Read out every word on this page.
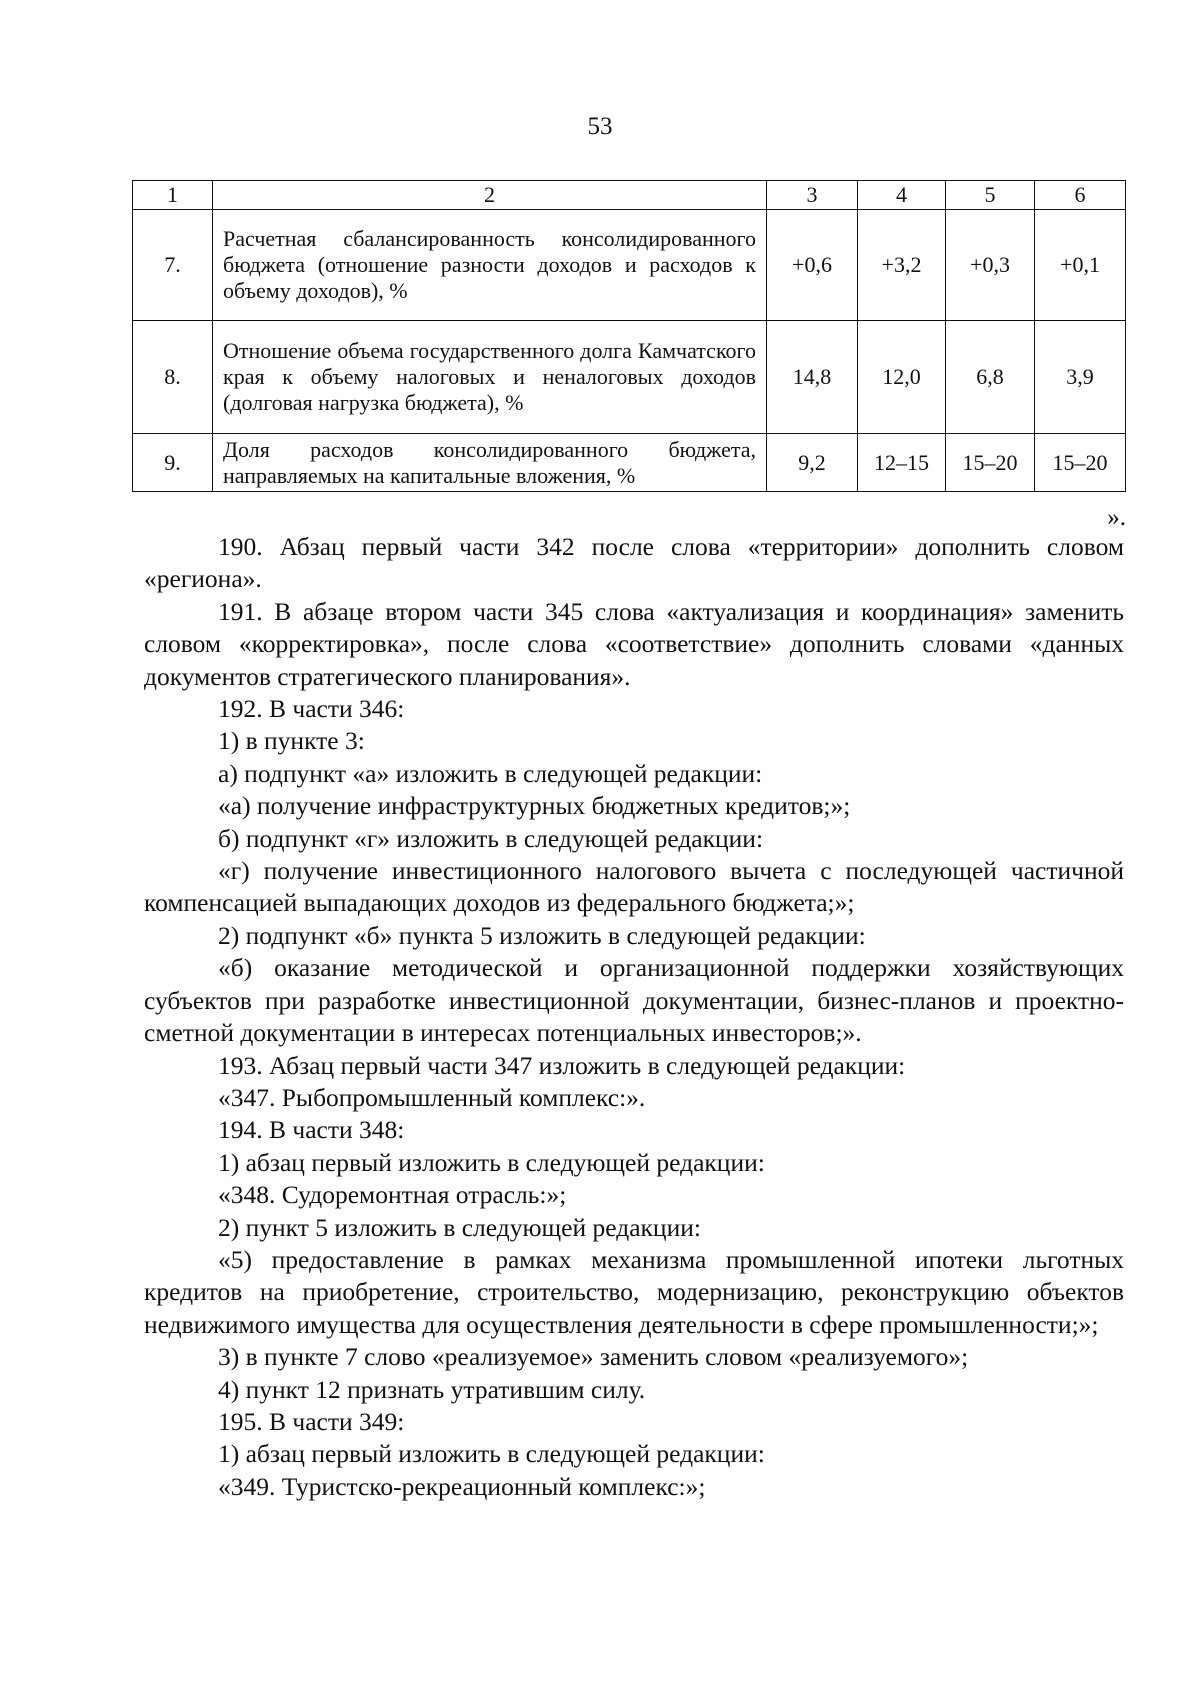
53
1	2	3	4	5	6
7.	Расчетная сбалансированность консолидированного бюджета (отношение разности доходов и расходов к объему доходов), %	+0,6	+3,2	+0,3	+0,1
8.	Отношение объема государственного долга Камчатского края к объему налоговых и неналоговых доходов (долговая нагрузка бюджета), %	14,8	12,0	6,8	3,9
9.	Доля расходов консолидированного бюджета, направляемых на капитальные вложения, %	9,2	12–15	15–20	15–20
».

190. Абзац первый части 342 после слова «территории» дополнить словом «региона».

191. В абзаце втором части 345 слова «актуализация и координация» заменить словом «корректировка», после слова «соответствие» дополнить словами «данных документов стратегического планирования».

192. В части 346:

1) в пункте 3:

а) подпункт «а» изложить в следующей редакции:

«а) получение инфраструктурных бюджетных кредитов;»;

б) подпункт «г» изложить в следующей редакции:

«г) получение инвестиционного налогового вычета с последующей частичной компенсацией выпадающих доходов из федерального бюджета;»;

2) подпункт «б» пункта 5 изложить в следующей редакции:

«б) оказание методической и организационной поддержки хозяйствующих субъектов при разработке инвестиционной документации, бизнес-планов и проектно-сметной документации в интересах потенциальных инвесторов;».

193. Абзац первый части 347 изложить в следующей редакции:

«347. Рыбопромышленный комплекс:».

194. В части 348:

1) абзац первый изложить в следующей редакции:

«348. Судоремонтная отрасль:»;

2) пункт 5 изложить в следующей редакции:

«5) предоставление в рамках механизма промышленной ипотеки льготных кредитов на приобретение, строительство, модернизацию, реконструкцию объектов недвижимого имущества для осуществления деятельности в сфере промышленности;»;

3) в пункте 7 слово «реализуемое» заменить словом «реализуемого»;

4) пункт 12 признать утратившим силу.

195. В части 349:

1) абзац первый изложить в следующей редакции:

«349. Туристско-рекреационный комплекс:»;
